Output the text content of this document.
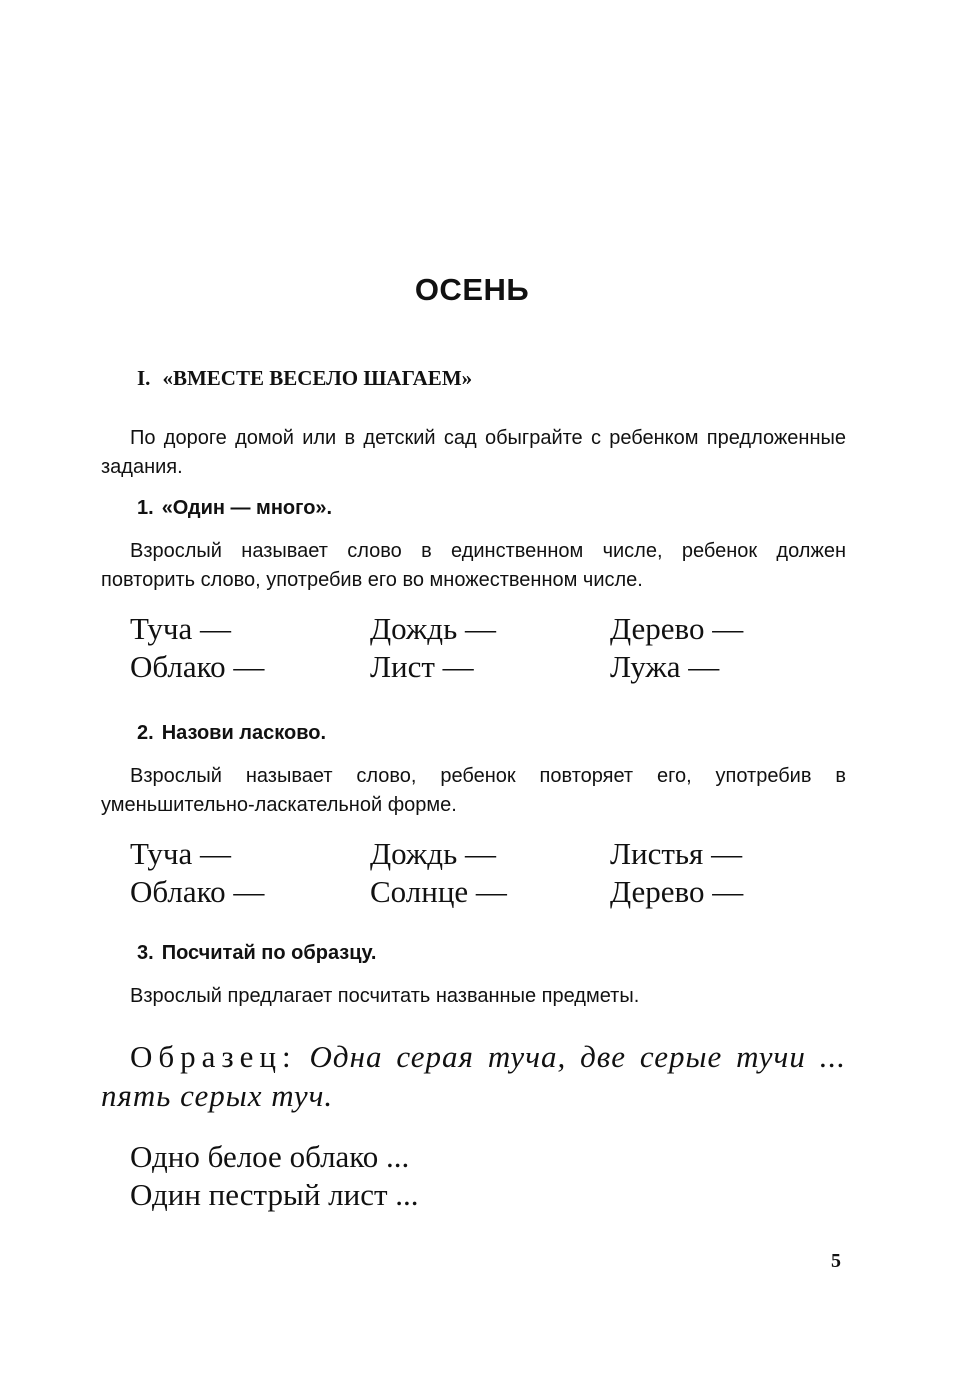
ОСЕНЬ
I. «ВМЕСТЕ ВЕСЕЛО ШАГАЕМ»

По дороге домой или в детский сад обыграйте с ребенком предложенные задания.

1. «Один — много».

Взрослый называет слово в единственном числе, ребенок должен повторить слово, употребив его во множественном числе.

Туча —	Дождь —	Дерево —
Облако —	Лист —	Лужа —
2. Назови ласково.

Взрослый называет слово, ребенок повторяет его, употребив в уменьшительно-ласкательной форме.

Туча —	Дождь —	Листья —
Облако —	Солнце —	Дерево —
3. Посчитай по образцу.

Взрослый предлагает посчитать названные предметы.

Образец: Одна серая туча, две серые тучи ... пять серых туч.

Одно белое облако ...
Один пестрый лист ...
5
